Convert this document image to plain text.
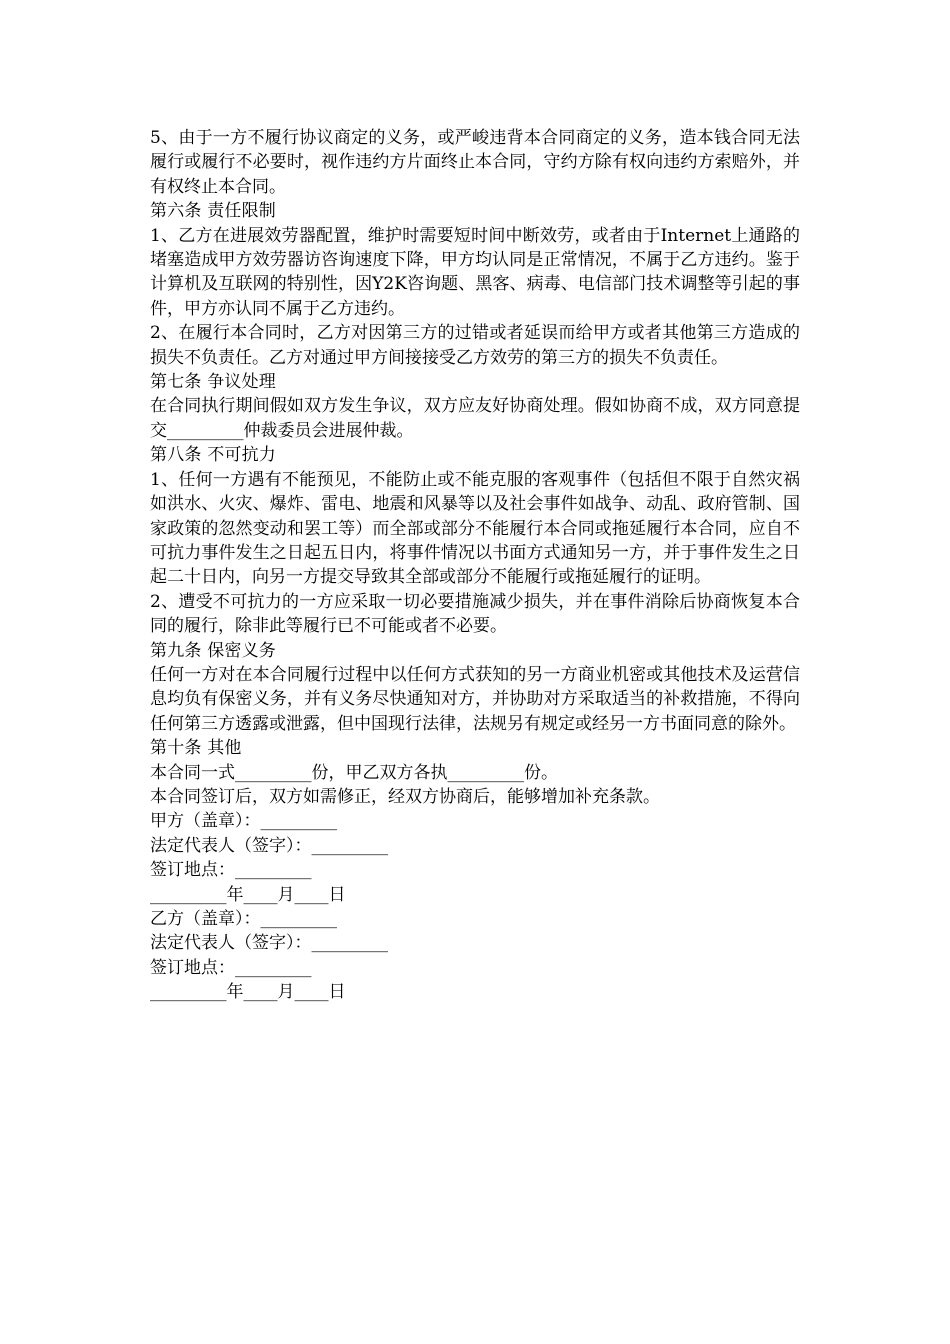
5、由于一方不履行协议商定的义务，或严峻违背本合同商定的义务，造本钱合同无法履行或履行不必要时，视作违约方片面终止本合同，守约方除有权向违约方索赔外，并有权终止本合同。

第六条 责任限制

1、乙方在进展效劳器配置，维护时需要短时间中断效劳，或者由于Internet上通路的堵塞造成甲方效劳器访咨询速度下降，甲方均认同是正常情况，不属于乙方违约。鉴于计算机及互联网的特别性，因Y2K咨询题、黑客、病毒、电信部门技术调整等引起的事件，甲方亦认同不属于乙方违约。

2、在履行本合同时，乙方对因第三方的过错或者延误而给甲方或者其他第三方造成的损失不负责任。乙方对通过甲方间接接受乙方效劳的第三方的损失不负责任。

第七条 争议处理

在合同执行期间假如双方发生争议，双方应友好协商处理。假如协商不成，双方同意提交_________仲裁委员会进展仲裁。

第八条 不可抗力

1、任何一方遇有不能预见，不能防止或不能克服的客观事件（包括但不限于自然灾祸如洪水、火灾、爆炸、雷电、地震和风暴等以及社会事件如战争、动乱、政府管制、国家政策的忽然变动和罢工等）而全部或部分不能履行本合同或拖延履行本合同，应自不可抗力事件发生之日起五日内，将事件情况以书面方式通知另一方，并于事件发生之日起二十日内，向另一方提交导致其全部或部分不能履行或拖延履行的证明。

2、遭受不可抗力的一方应采取一切必要措施减少损失，并在事件消除后协商恢复本合同的履行，除非此等履行已不可能或者不必要。

第九条 保密义务

任何一方对在本合同履行过程中以任何方式获知的另一方商业机密或其他技术及运营信息均负有保密义务，并有义务尽快通知对方，并协助对方采取适当的补救措施，不得向任何第三方透露或泄露，但中国现行法律，法规另有规定或经另一方书面同意的除外。

第十条 其他

本合同一式_________份，甲乙双方各执_________份。

本合同签订后，双方如需修正，经双方协商后，能够增加补充条款。

甲方（盖章）：_________

法定代表人（签字）：_________

签订地点：_________

_________年____月____日

乙方（盖章）：_________

法定代表人（签字）：_________

签订地点：_________

_________年____月____日
